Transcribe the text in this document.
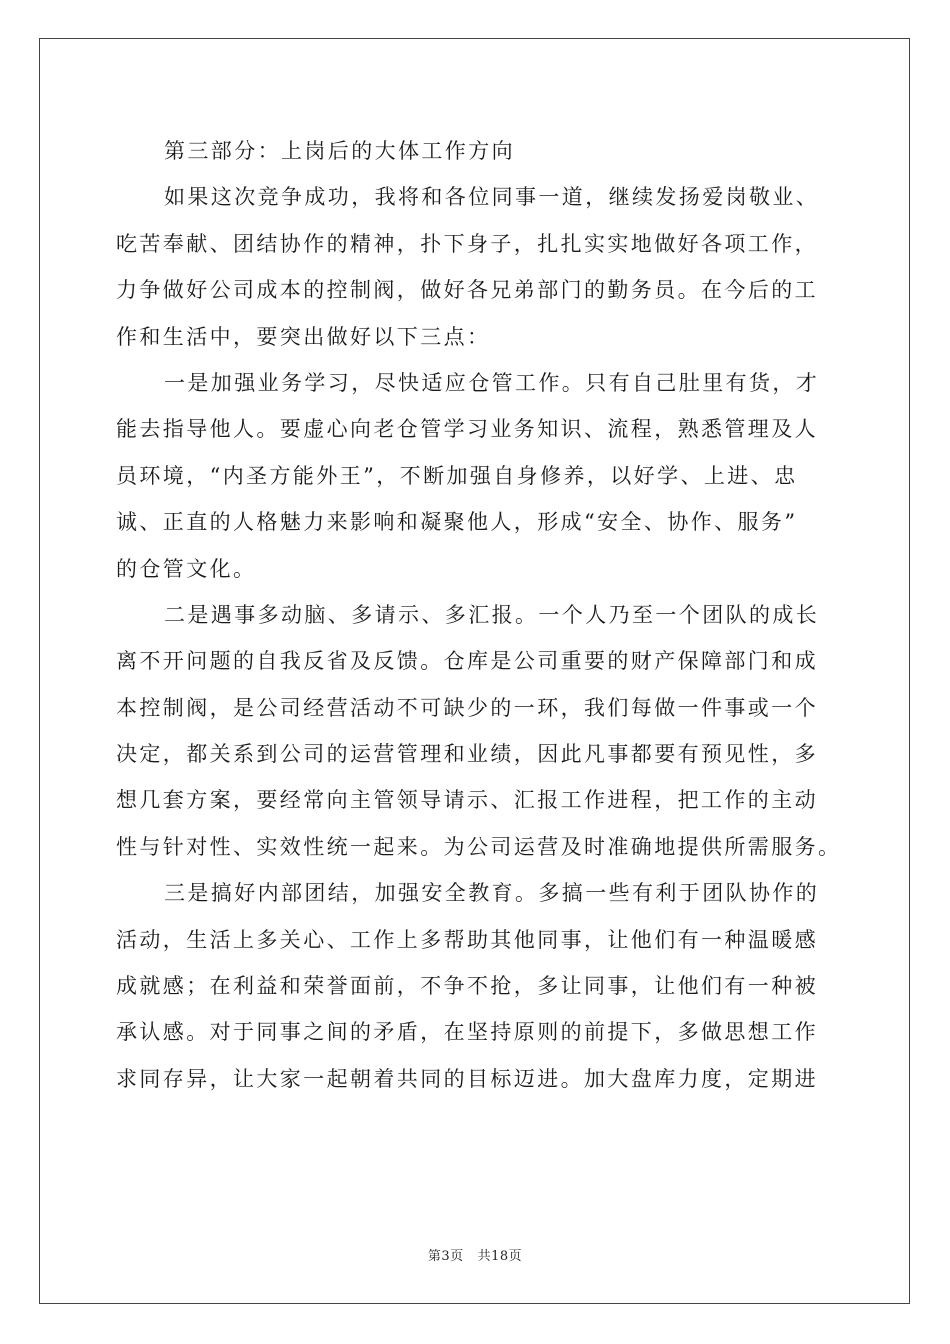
第三部分：上岗后的大体工作方向
如果这次竞争成功，我将和各位同事一道，继续发扬爱岗敬业、
吃苦奉献、团结协作的精神，扑下身子，扎扎实实地做好各项工作，
力争做好公司成本的控制阀，做好各兄弟部门的勤务员。在今后的工
作和生活中，要突出做好以下三点：
一是加强业务学习，尽快适应仓管工作。只有自己肚里有货，才
能去指导他人。要虚心向老仓管学习业务知识、流程，熟悉管理及人
员环境，“内圣方能外王”，不断加强自身修养，以好学、上进、忠
诚、正直的人格魅力来影响和凝聚他人，形成“安全、协作、服务”
的仓管文化。
二是遇事多动脑、多请示、多汇报。一个人乃至一个团队的成长
离不开问题的自我反省及反馈。仓库是公司重要的财产保障部门和成
本控制阀，是公司经营活动不可缺少的一环，我们每做一件事或一个
决定，都关系到公司的运营管理和业绩，因此凡事都要有预见性，多
想几套方案，要经常向主管领导请示、汇报工作进程，把工作的主动
性与针对性、实效性统一起来。为公司运营及时准确地提供所需服务。
三是搞好内部团结，加强安全教育。多搞一些有利于团队协作的
活动，生活上多关心、工作上多帮助其他同事，让他们有一种温暖感
成就感；在利益和荣誉面前，不争不抢，多让同事，让他们有一种被
承认感。对于同事之间的矛盾，在坚持原则的前提下，多做思想工作
求同存异，让大家一起朝着共同的目标迈进。加大盘库力度，定期进
第3页 共18页
